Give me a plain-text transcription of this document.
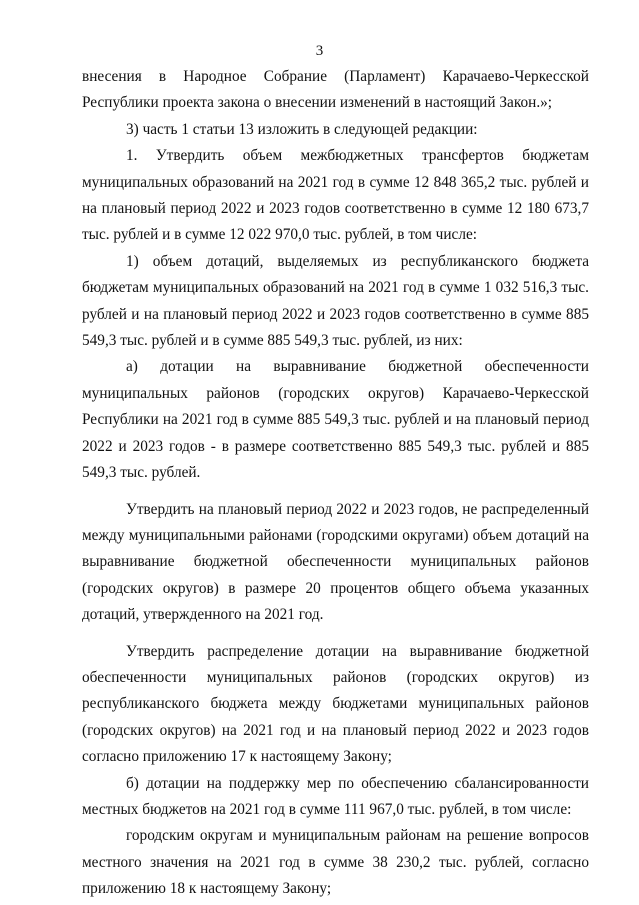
3

внесения в Народное Собрание (Парламент) Карачаево-Черкесской Республики проекта закона о внесении изменений в настоящий Закон.»;

3) часть 1 статьи 13 изложить в следующей редакции:

1. Утвердить объем межбюджетных трансфертов бюджетам муниципальных образований на 2021 год в сумме 12 848 365,2 тыс. рублей и на плановый период 2022 и 2023 годов соответственно в сумме 12 180 673,7 тыс. рублей и в сумме 12 022 970,0 тыс. рублей, в том числе:

1) объем дотаций, выделяемых из республиканского бюджета бюджетам муниципальных образований на 2021 год в сумме 1 032 516,3 тыс. рублей и на плановый период 2022 и 2023 годов соответственно в сумме 885 549,3 тыс. рублей и в сумме 885 549,3 тыс. рублей, из них:

а) дотации на выравнивание бюджетной обеспеченности муниципальных районов (городских округов) Карачаево-Черкесской Республики на 2021 год в сумме 885 549,3 тыс. рублей и на плановый период 2022 и 2023 годов - в размере соответственно 885 549,3 тыс. рублей и 885 549,3 тыс. рублей.

Утвердить на плановый период 2022 и 2023 годов, не распределенный между муниципальными районами (городскими округами) объем дотаций на выравнивание бюджетной обеспеченности муниципальных районов (городских округов) в размере 20 процентов общего объема указанных дотаций, утвержденного на 2021 год.

Утвердить распределение дотации на выравнивание бюджетной обеспеченности муниципальных районов (городских округов) из республиканского бюджета между бюджетами муниципальных районов (городских округов) на 2021 год и на плановый период 2022 и 2023 годов согласно приложению 17 к настоящему Закону;

б) дотации на поддержку мер по обеспечению сбалансированности местных бюджетов на 2021 год в сумме 111 967,0 тыс. рублей, в том числе:

городским округам и муниципальным районам на решение вопросов местного значения на 2021 год в сумме 38 230,2 тыс. рублей, согласно приложению 18 к настоящему Закону;
